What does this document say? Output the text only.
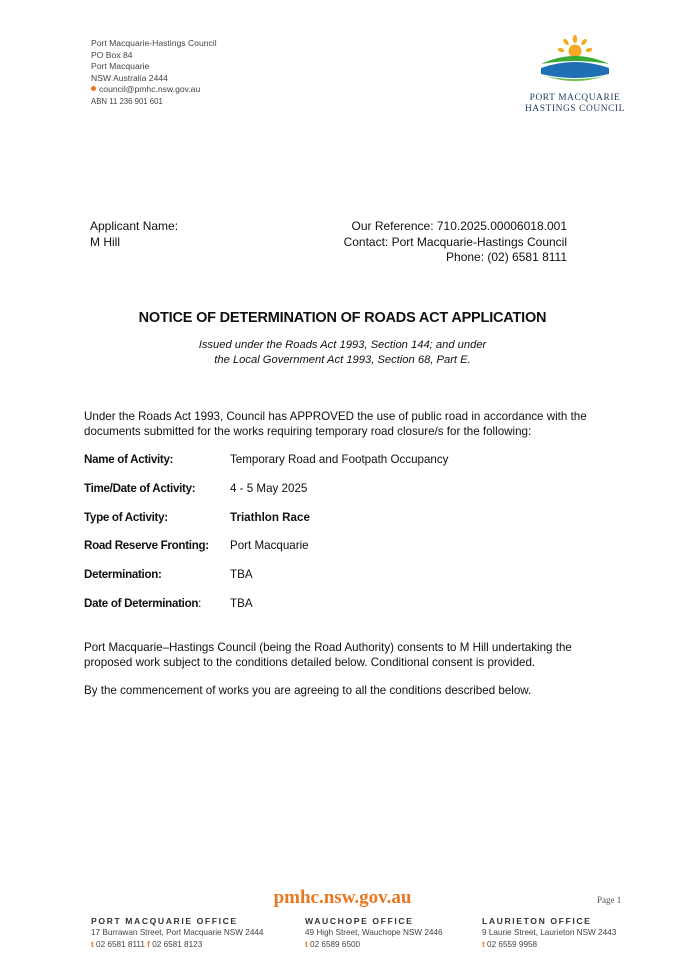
Port Macquarie-Hastings Council
PO Box 84
Port Macquarie
NSW Australia 2444
council@pmhc.nsw.gov.au
ABN 11 236 901 601	PORT MACQUARIE
HASTINGS COUNCIL
Applicant Name:
M Hill
Our Reference: 710.2025.00006018.001
Contact: Port Macquarie-Hastings Council
Phone: (02) 6581 8111
NOTICE OF DETERMINATION OF ROADS ACT APPLICATION
Issued under the Roads Act 1993, Section 144; and under
the Local Government Act 1993, Section 68, Part E.
Under the Roads Act 1993, Council has APPROVED the use of public road in accordance with the
documents submitted for the works requiring temporary road closure/s for the following:
Name of Activity:	Temporary Road and Footpath Occupancy
Time/Date of Activity:	4 - 5 May 2025
Type of Activity:	Triathlon Race
Road Reserve Fronting: Port Macquarie
Determination:	TBA
Date of Determination: TBA
Port Macquarie–Hastings Council (being the Road Authority) consents to M Hill undertaking the
proposed work subject to the conditions detailed below. Conditional consent is provided.
By the commencement of works you are agreeing to all the conditions described below.
pmhc.nsw.gov.au	Page 1
PORT MACQUARIE OFFICE
17 Burrawan Street, Port Macquarie NSW 2444
t 02 6581 8111 f 02 6581 8123
WAUCHOPE OFFICE
49 High Street, Wauchope NSW 2446
t 02 6589 6500
LAURIETON OFFICE
9 Laurie Street, Laurieton NSW 2443
t 02 6559 9958
